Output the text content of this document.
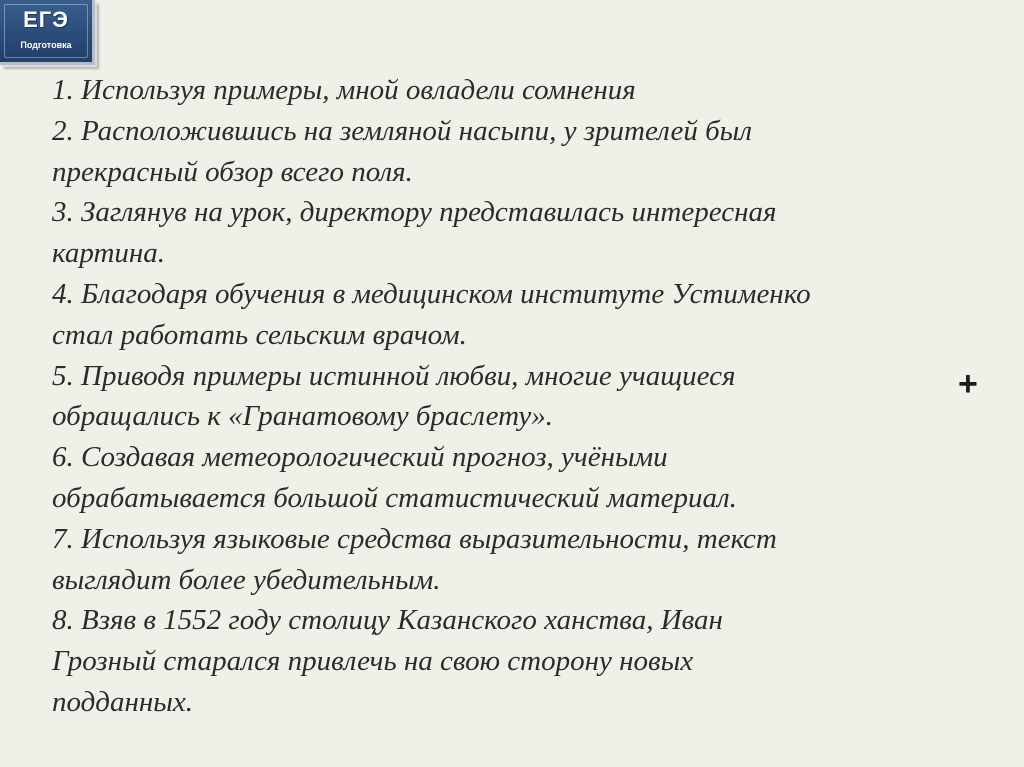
ЕГЭ
Подготовка
1. Используя примеры, мной овладели сомнения
2. Расположившись на земляной насыпи, у зрителей был
прекрасный обзор всего поля.
3. Заглянув на урок, директору представилась интересная
картина.
4. Благодаря обучения в медицинском институте Устименко
стал работать сельским врачом.
5. Приводя примеры истинной любви, многие учащиеся
обращались к «Гранатовому браслету».
6. Создавая метеорологический прогноз, учёными
обрабатывается большой статистический материал.
7. Используя языковые средства выразительности, текст
выглядит более убедительным.
8. Взяв в 1552 году столицу Казанского ханства, Иван
Грозный старался привлечь на свою сторону новых
подданных.
+
